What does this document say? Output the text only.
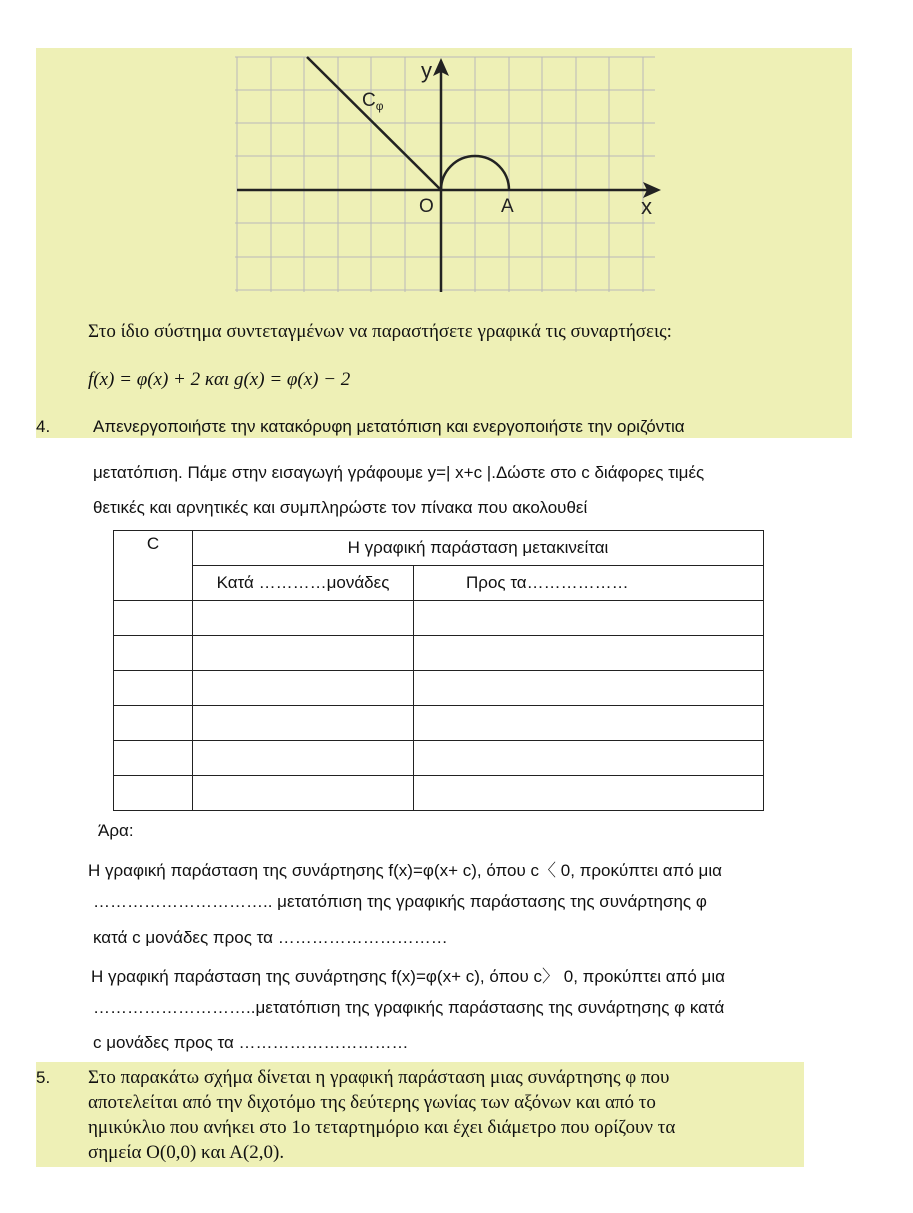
y
x
O	A
$C_\varphi$
Στο ίδιο σύστημα συντεταγμένων να παραστήσετε γραφικά τις συναρτήσεις:
f(x) = φ(x) + 2 και g(x) = φ(x) − 2
4.	Απενεργοποιήστε την κατακόρυφη μετατόπιση και ενεργοποιήστε την οριζόντια
μετατόπιση. Πάμε στην εισαγωγή γράφουμε y=| x+c |.Δώστε στο c διάφορες τιμές
θετικές και αρνητικές και συμπληρώστε τον πίνακα που ακολουθεί
C	Η γραφική παράσταση μετακινείται	
	Κατά …………μονάδες	Προς τα………………

Άρα:
Η γραφική παράσταση της συνάρτησης f(x)=φ(x+ c), όπου c〈 0, προκύπτει από μια
………………………….. μετατόπιση της γραφικής παράστασης της συνάρτησης φ
κατά c μονάδες προς τα …………………………
Η γραφική παράσταση της συνάρτησης f(x)=φ(x+ c), όπου c〉 0, προκύπτει από μια
………………………..μετατόπιση της γραφικής παράστασης της συνάρτησης φ κατά
c μονάδες προς τα …………………………
5. Στο παρακάτω σχήμα δίνεται η γραφική παράσταση μιας συνάρτησης φ που
αποτελείται από την διχοτόμο της δεύτερης γωνίας των αξόνων και από το
ημικύκλιο που ανήκει στο 1ο τεταρτημόριο και έχει διάμετρο που ορίζουν τα
σημεία Ο(0,0) και Α(2,0).
